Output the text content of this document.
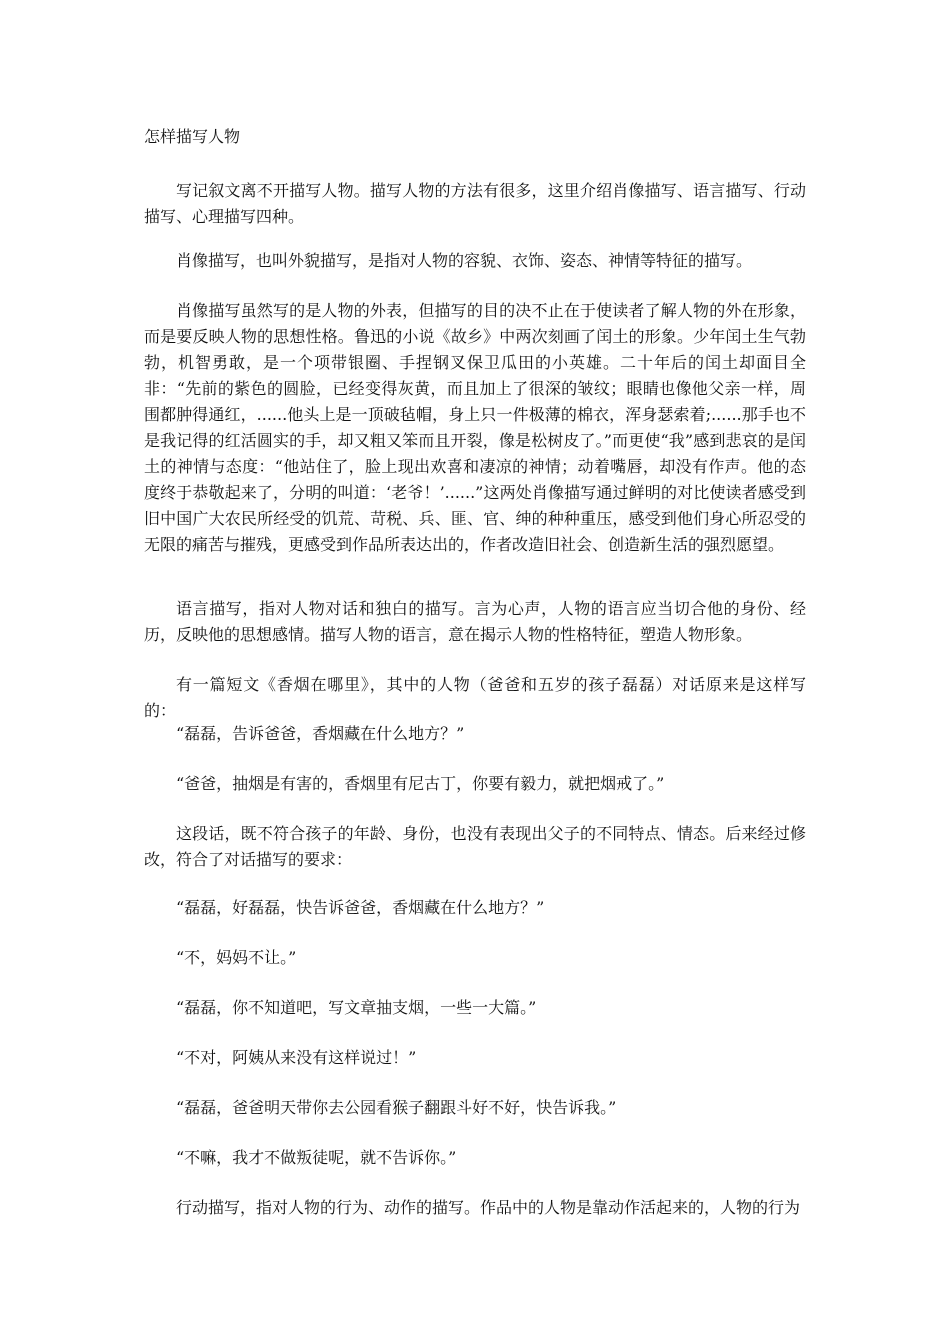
怎样描写人物

写记叙文离不开描写人物。描写人物的方法有很多，这里介绍肖像描写、语言描写、行动描写、心理描写四种。

肖像描写，也叫外貌描写，是指对人物的容貌、衣饰、姿态、神情等特征的描写。

肖像描写虽然写的是人物的外表，但描写的目的决不止在于使读者了解人物的外在形象，而是要反映人物的思想性格。鲁迅的小说《故乡》中两次刻画了闰土的形象。少年闰土生气勃勃，机智勇敢，是一个项带银圈、手捏钢叉保卫瓜田的小英雄。二十年后的闰土却面目全非：“先前的紫色的圆脸，已经变得灰黄，而且加上了很深的皱纹；眼睛也像他父亲一样，周围都肿得通红，......他头上是一顶破毡帽，身上只一件极薄的棉衣，浑身瑟索着;......那手也不是我记得的红活圆实的手，却又粗又笨而且开裂，像是松树皮了。”而更使“我”感到悲哀的是闰土的神情与态度：“他站住了，脸上现出欢喜和凄凉的神情；动着嘴唇，却没有作声。他的态度终于恭敬起来了，分明的叫道：‘老爷！’......”这两处肖像描写通过鲜明的对比使读者感受到旧中国广大农民所经受的饥荒、苛税、兵、匪、官、绅的种种重压，感受到他们身心所忍受的无限的痛苦与摧残，更感受到作品所表达出的，作者改造旧社会、创造新生活的强烈愿望。

语言描写，指对人物对话和独白的描写。言为心声，人物的语言应当切合他的身份、经历，反映他的思想感情。描写人物的语言，意在揭示人物的性格特征，塑造人物形象。

有一篇短文《香烟在哪里》，其中的人物（爸爸和五岁的孩子磊磊）对话原来是这样写的：

“磊磊，告诉爸爸，香烟藏在什么地方？”

“爸爸，抽烟是有害的，香烟里有尼古丁，你要有毅力，就把烟戒了。”

这段话，既不符合孩子的年龄、身份，也没有表现出父子的不同特点、情态。后来经过修改，符合了对话描写的要求：

“磊磊，好磊磊，快告诉爸爸，香烟藏在什么地方？”

“不，妈妈不让。”

“磊磊，你不知道吧，写文章抽支烟，一些一大篇。”

“不对，阿姨从来没有这样说过！”

“磊磊，爸爸明天带你去公园看猴子翻跟斗好不好，快告诉我。”

“不嘛，我才不做叛徒呢，就不告诉你。”

行动描写，指对人物的行为、动作的描写。作品中的人物是靠动作活起来的，人物的行为
